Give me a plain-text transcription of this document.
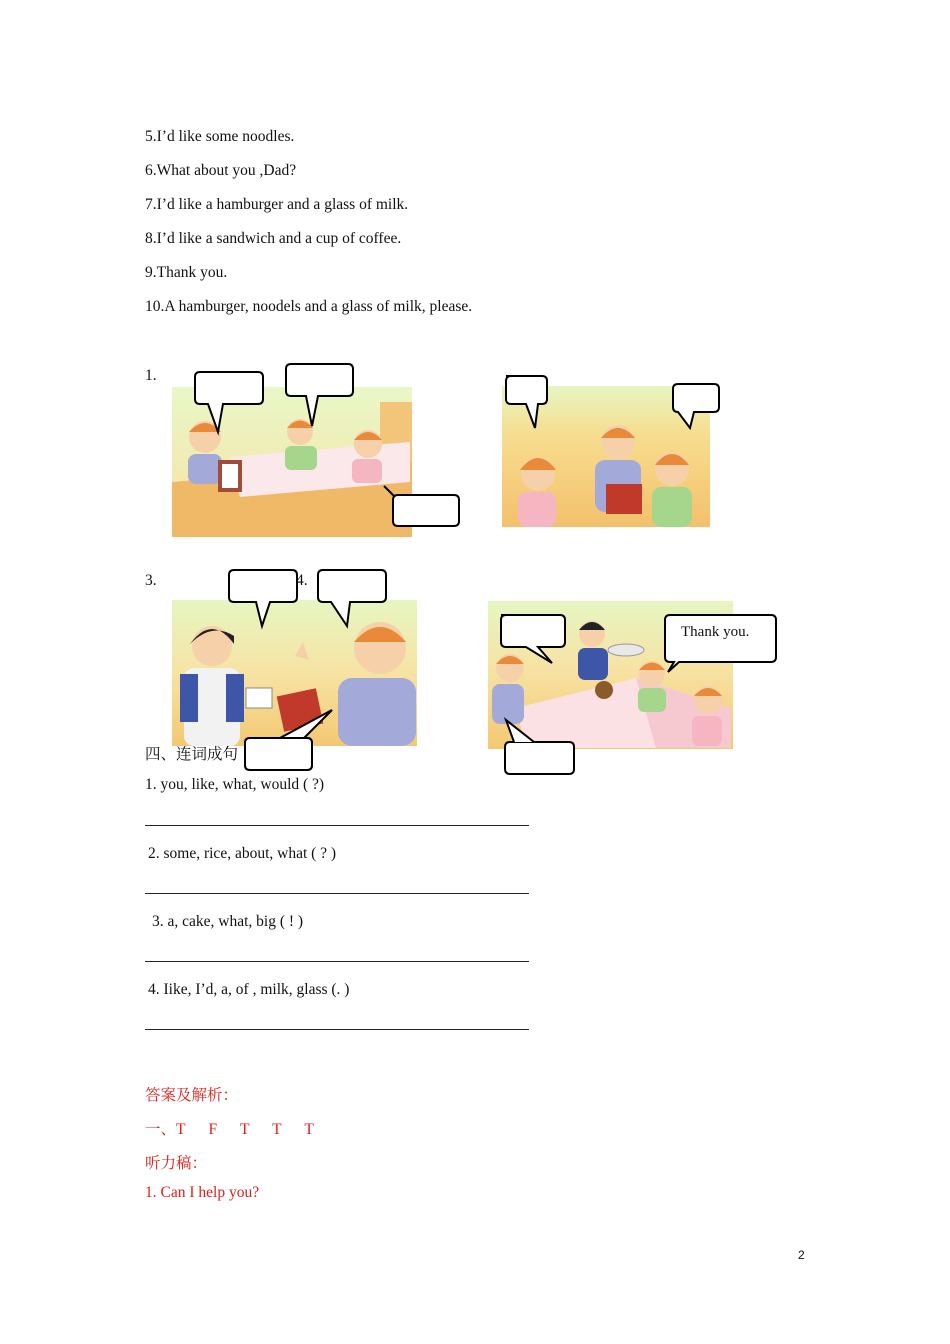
5.I’d like some noodles.
6.What about you ,Dad?
7.I’d like a hamburger and a glass of milk.
8.I’d like a sandwich and a cup of coffee.
9.Thank you.
10.A hamburger, noodels and a glass of milk, please.
1.
3.	4.
Thank you.
四、连词成句
1. you, like, what, would ( ?)
2. some, rice, about, what ( ? )
3. a, cake, what, big ( ! )
4. Iike, I’d, a, of , milk, glass (. )
答案及解析：
一、T      F      T      T      T
听力稿：
1. Can I help you?
2
